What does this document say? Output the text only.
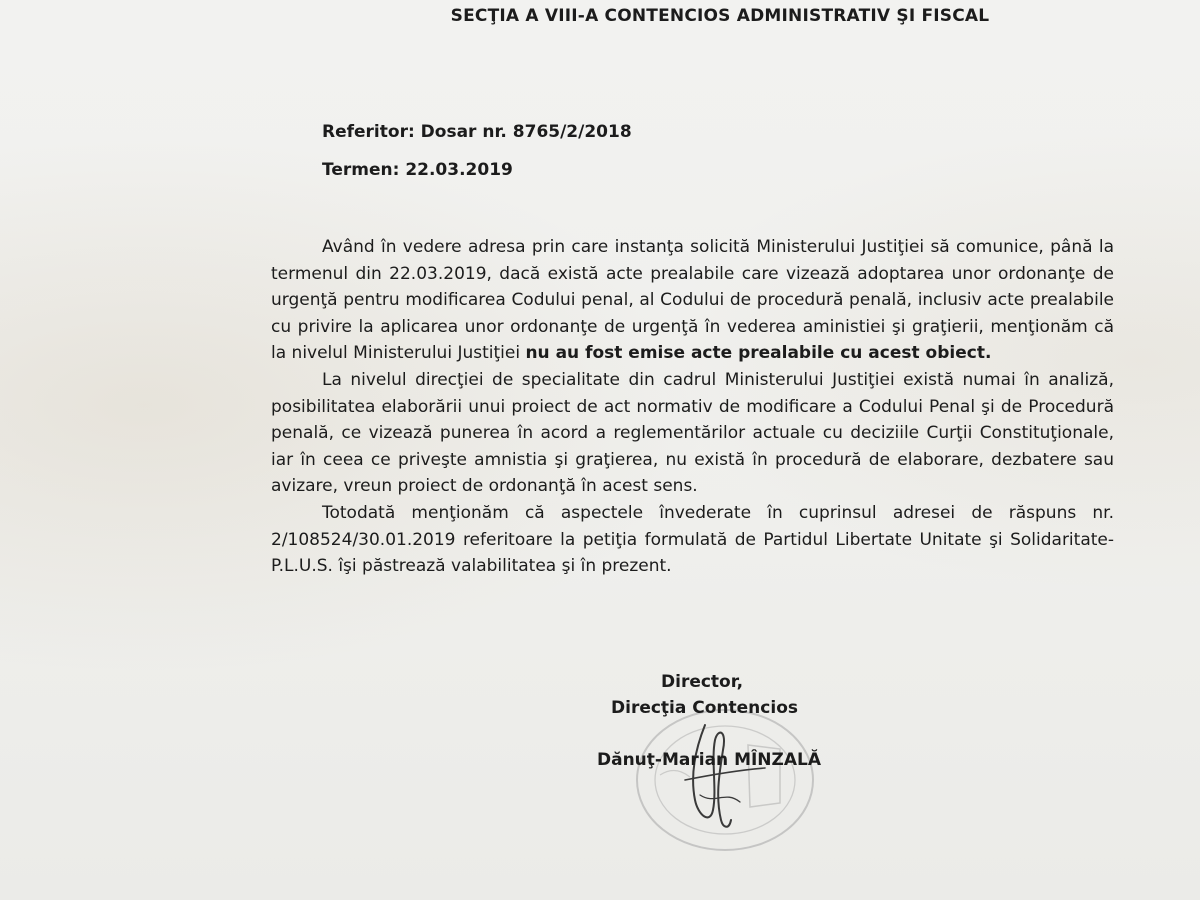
SECŢIA A VIII-A CONTENCIOS ADMINISTRATIV ŞI FISCAL
Referitor: Dosar nr. 8765/2/2018
Termen: 22.03.2019

Având în vedere adresa prin care instanţa solicită Ministerului Justiţiei să comunice, până la termenul din 22.03.2019, dacă există acte prealabile care vizează adoptarea unor ordonanţe de urgenţă pentru modificarea Codului penal, al Codului de procedură penală, inclusiv acte prealabile cu privire la aplicarea unor ordonanţe de urgenţă în vederea aministiei şi graţierii, menţionăm că la nivelul Ministerului Justiţiei nu au fost emise acte prealabile cu acest obiect.

La nivelul direcţiei de specialitate din cadrul Ministerului Justiţiei există numai în analiză, posibilitatea elaborării unui proiect de act normativ de modificare a Codului Penal şi de Procedură penală, ce vizează punerea în acord a reglementărilor actuale cu deciziile Curţii Constituţionale, iar în ceea ce priveşte amnistia şi graţierea, nu există în procedură de elaborare, dezbatere sau avizare, vreun proiect de ordonanţă în acest sens.

Totodată menţionăm că aspectele învederate în cuprinsul adresei de răspuns nr. 2/108524/30.01.2019 referitoare la petiţia formulată de Partidul Libertate Unitate şi Solidaritate-P.L.U.S. îşi păstrează valabilitatea şi în prezent.

Director,
Direcţia Contencios
Dănuţ-Marian MÎNZALĂ
